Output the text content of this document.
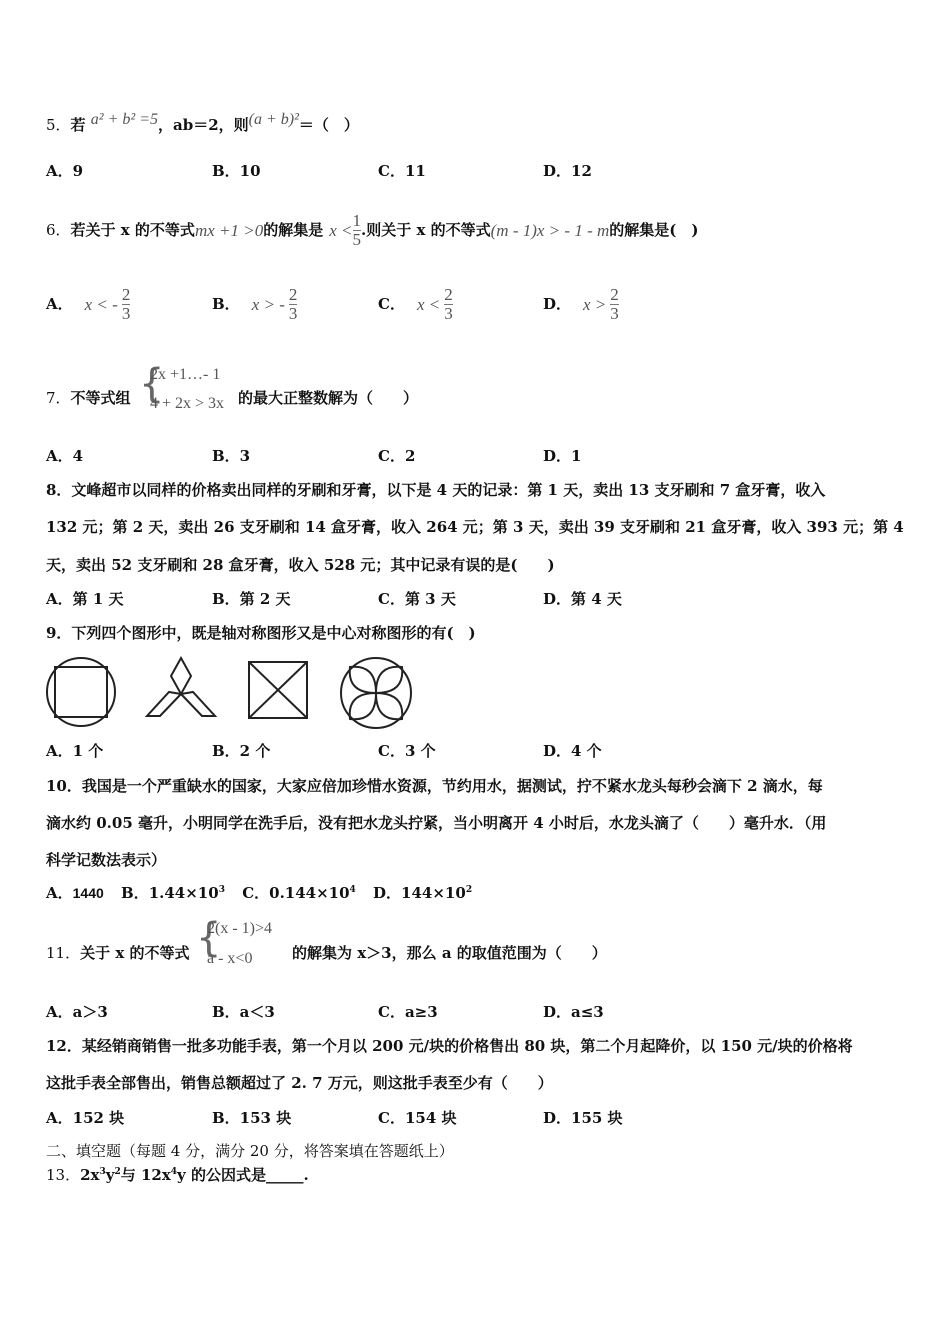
5．若 a² + b² =5，ab＝2，则(a + b)²＝（　）
A．9	B．10	C．11	D．12
6． 若关于 x 的不等式 mx +1 >0 的解集是 $x < \frac{1}{5}$ .则关于 x 的不等式 (m - 1)x > - 1 - m 的解集是(　)
A． x < - $\frac{2}{3}$	B． x > - $\frac{2}{3}$	C． $x < \frac{2}{3}$	D． $x > \frac{2}{3}$
7．不等式组 {
2x +1…- 1
4 + 2x > 3x 的最大正整数解为（　　）
A．4	B．3	C．2	D．1
8．文峰超市以同样的价格卖出同样的牙刷和牙膏，以下是 4 天的记录：第 1 天，卖出 13 支牙刷和 7 盒牙膏，收入
132 元；第 2 天，卖出 26 支牙刷和 14 盒牙膏，收入 264 元；第 3 天，卖出 39 支牙刷和 21 盒牙膏，收入 393 元；第 4
天，卖出 52 支牙刷和 28 盒牙膏，收入 528 元；其中记录有误的是(　　)
A．第 1 天	B．第 2 天	C．第 3 天	D．第 4 天
9．下列四个图形中，既是轴对称图形又是中心对称图形的有(　)
A．1 个	B．2 个	C．3 个	D．4 个
10．我国是一个严重缺水的国家，大家应倍加珍惜水资源，节约用水，据测试，拧不紧水龙头每秒会滴下 2 滴水，每
滴水约 0.05 毫升，小明同学在洗手后，没有把水龙头拧紧，当小明离开 4 小时后，水龙头滴了（　　）毫升水．（用
科学记数法表示）
A．1440 B．$1.44\times 10^3$ C．$0.144\times 10^4$ D．$144\times 10^2$
11．关于 x 的不等式 {
2(x - 1)>4
a - x<0	的解集为 x＞3，那么 a 的取值范围为（　　）
A．a＞3	B．a＜3	C．a≥3	D．a≤3
12．某经销商销售一批多功能手表，第一个月以 200 元/块的价格售出 80 块，第二个月起降价，以 150 元/块的价格将
这批手表全部售出，销售总额超过了 2. 7 万元，则这批手表至少有（　　）
A．152 块	B．153 块	C．154 块	D．155 块
二、填空题（每题 4 分，满分 20 分，将答案填在答题纸上）
13．$2x^3y^2$与 $12x^4y$ 的公因式是_____.
